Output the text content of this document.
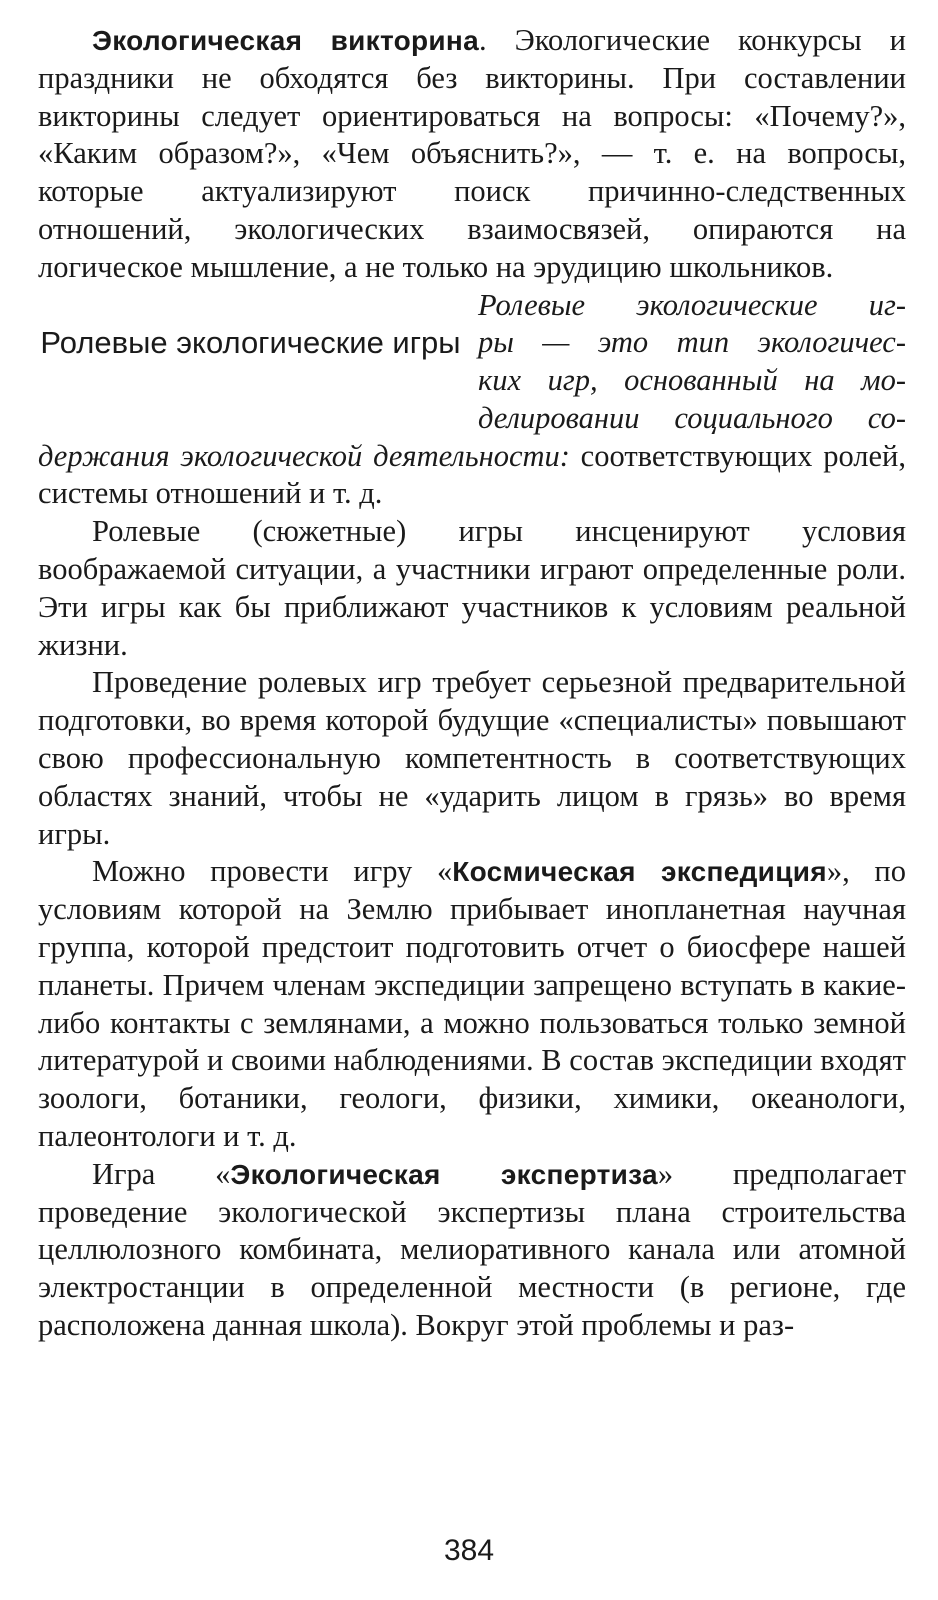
Экологическая викторина. Экологические конкурсы и праздники не обходятся без викторины. При составлении викторины следует ориентироваться на вопросы: «Почему?», «Каким образом?», «Чем объяснить?», — т. е. на вопросы, которые актуализируют поиск причинно-следственных отношений, экологических взаимосвязей, опираются на логическое мышление, а не только на эрудицию школьников.

Ролевые экологические игры
Ролевые экологические иг-
ры — это тип экологичес-
ких игр, основанный на мо-
делировании социального со-

держания экологической деятельности: соответствующих ролей, системы отношений и т. д.

Ролевые (сюжетные) игры инсценируют условия воображаемой ситуации, а участники играют определенные роли. Эти игры как бы приближают участников к условиям реальной жизни.

Проведение ролевых игр требует серьезной предварительной подготовки, во время которой будущие «специалисты» повышают свою профессиональную компетентность в соответствующих областях знаний, чтобы не «ударить лицом в грязь» во время игры.

Можно провести игру «Космическая экспедиция», по условиям которой на Землю прибывает инопланетная научная группа, которой предстоит подготовить отчет о биосфере нашей планеты. Причем членам экспедиции запрещено вступать в какие-либо контакты с землянами, а можно пользоваться только земной литературой и своими наблюдениями. В состав экспедиции входят зоологи, ботаники, геологи, физики, химики, океанологи, палеонтологи и т. д.

Игра «Экологическая экспертиза» предполагает проведение экологической экспертизы плана строительства целлюлозного комбината, мелиоративного канала или атомной электростанции в определенной местности (в регионе, где расположена данная школа). Вокруг этой проблемы и раз-

384
